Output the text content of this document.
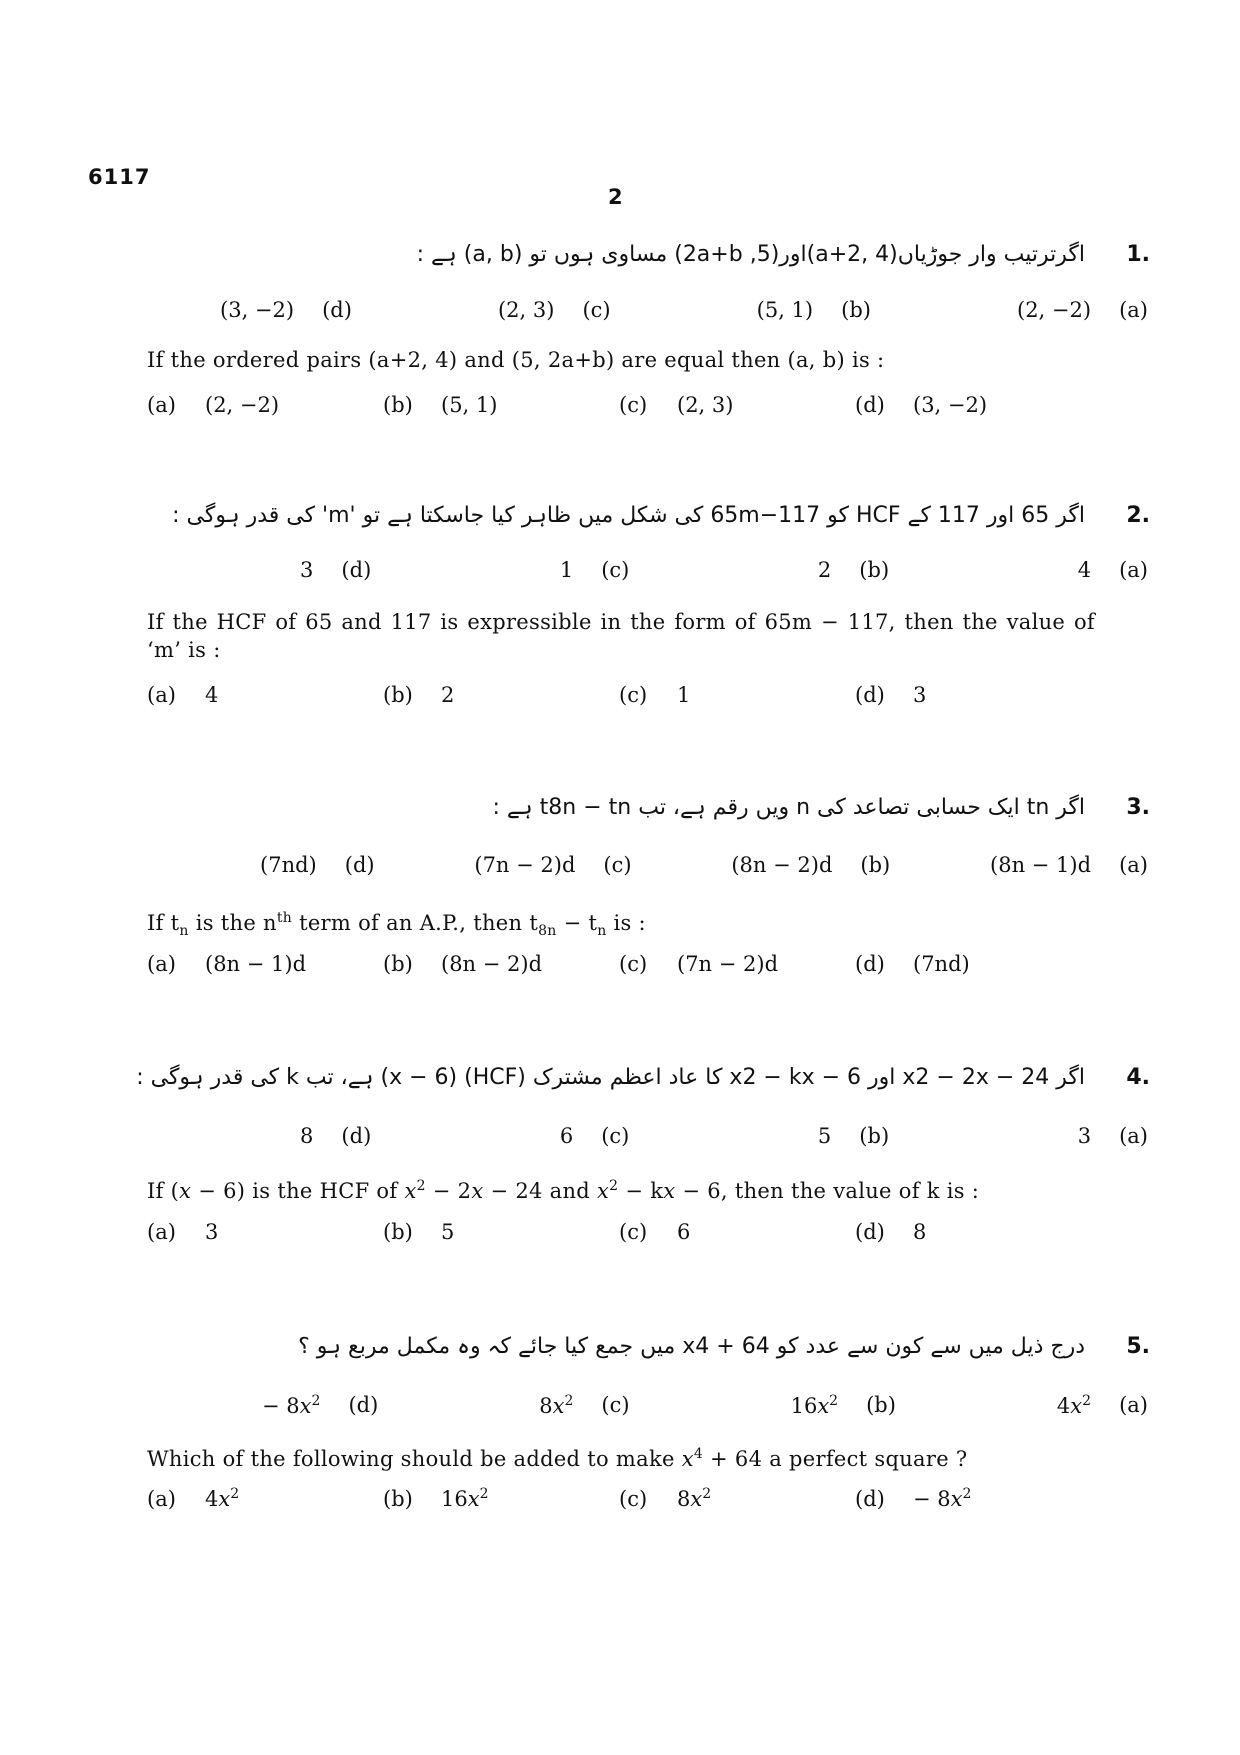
6117
2
.1
اگرترتیب وار جوڑیاں(a+2, 4)اور(5, 2a+b) مساوی ہوں تو (a, b) ہے :
(a)
(2, −2)
(b)
(5, 1)
(c)
(2, 3)
(d)
(3, −2)
If the ordered pairs (a+2, 4) and (5, 2a+b) are equal then (a, b) is :
(a) (2, −2)	(b) (5, 1)	(c) (2, 3)	(d) (3, −2)
.2
اگر 65 اور 117 کے HCF کو 65m−117 کی شکل میں ظاہر کیا جاسکتا ہے تو 'm' کی قدر ہوگی :
(a)
4
(b)
2
(c)
1
(d)
3
If the HCF of 65 and 117 is expressible in the form of 65m − 117, then the value of ‘m’ is :
(a) 4	(b) 2	(c) 1	(d) 3
.3
اگر tn ایک حسابی تصاعد کی n ویں رقم ہے، تب t8n − tn ہے :
(a)
(8n − 1)d
(b)
(8n − 2)d
(c)
(7n − 2)d
(d)
(7nd)
If $t_n$ is the $n^{th}$ term of an A.P., then $t_{8n} - t_n$ is :
(a) (8n − 1)d	(b) (8n − 2)d	(c) (7n − 2)d	(d) (7nd)
.4
اگر x2 − 2x − 24 اور x2 − kx − 6 کا عاد اعظم مشترک (HCF) (x − 6) ہے، تب k کی قدر ہوگی :
(a)
3
(b)
5
(c)
6
(d)
8
If (x − 6) is the HCF of $x^2 - 2x - 24$ and $x^2$ − kx − 6, then the value of k is :
(a) 3	(b) 5	(c) 6	(d) 8
.5
درج ذیل میں سے کون سے عدد کو x4 + 64 میں جمع کیا جائے کہ وہ مکمل مربع ہو ؟
(a)
$4x^2$
(b)
$16x^2$
(c)
$8x^2$
(d)
− $8x^2$
Which of the following should be added to make $x^4 + 64$ a perfect square ?
(a) $4x^2$	(b) $16x^2$	(c) $8x^2$	$(d) - 8x^2$
